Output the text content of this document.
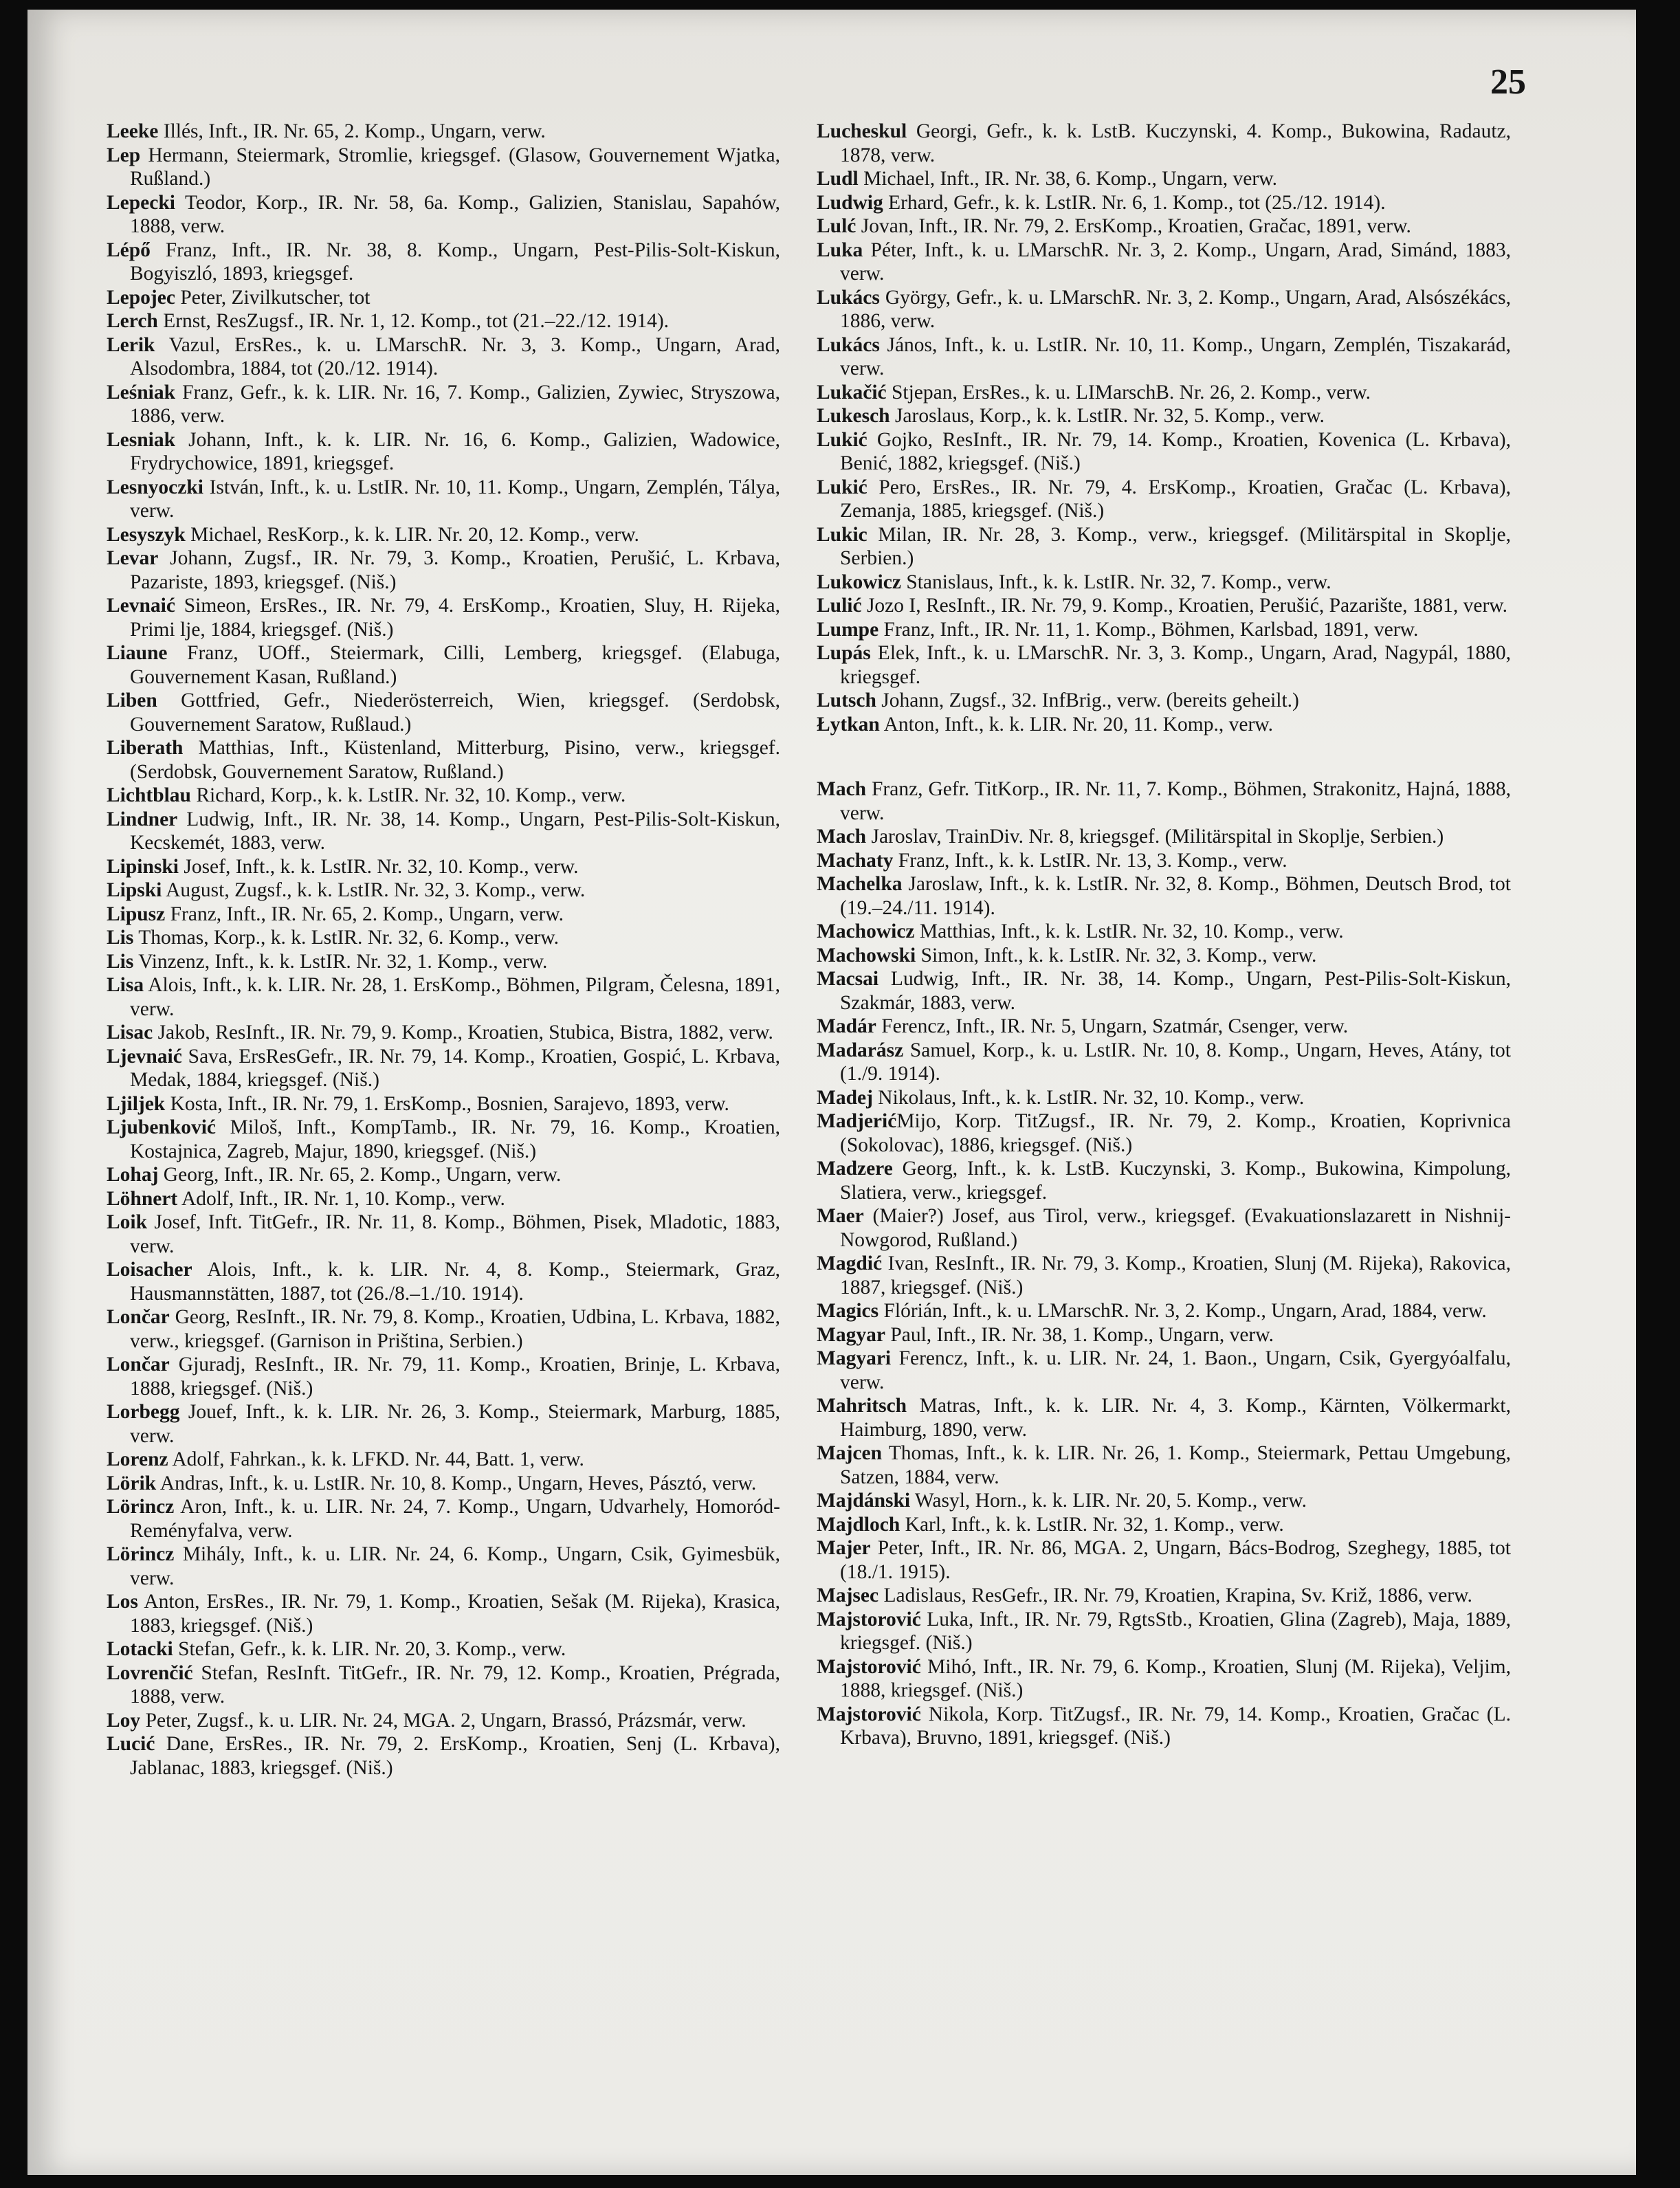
25

Leeke Illés, Inft., IR. Nr. 65, 2. Komp., Ungarn, verw.

Lep Hermann, Steiermark, Stromlie, kriegsgef. (Glasow, Gouvernement Wjatka, Rußland.)

Lepecki Teodor, Korp., IR. Nr. 58, 6a. Komp., Galizien, Stanislau, Sapahów, 1888, verw.

Lépő Franz, Inft., IR. Nr. 38, 8. Komp., Ungarn, Pest-Pilis-Solt-Kiskun, Bogyiszló, 1893, kriegsgef.

Lepojec Peter, Zivilkutscher, tot

Lerch Ernst, ResZugsf., IR. Nr. 1, 12. Komp., tot (21.–22./12. 1914).

Lerik Vazul, ErsRes., k. u. LMarschR. Nr. 3, 3. Komp., Ungarn, Arad, Alsodombra, 1884, tot (20./12. 1914).

Leśniak Franz, Gefr., k. k. LIR. Nr. 16, 7. Komp., Galizien, Zywiec, Stryszowa, 1886, verw.

Lesniak Johann, Inft., k. k. LIR. Nr. 16, 6. Komp., Galizien, Wadowice, Frydrychowice, 1891, kriegsgef.

Lesnyoczki István, Inft., k. u. LstIR. Nr. 10, 11. Komp., Ungarn, Zemplén, Tályа, verw.

Lesyszyk Michael, ResKorp., k. k. LIR. Nr. 20, 12. Komp., verw.

Levar Johann, Zugsf., IR. Nr. 79, 3. Komp., Kroatien, Perušić, L. Krbava, Pazariste, 1893, kriegsgef. (Niš.)

Levnaić Simeon, ErsRes., IR. Nr. 79, 4. ErsKomp., Kroatien, Sluy, H. Rijeka, Primi lje, 1884, kriegsgef. (Niš.)

Liaune Franz, UOff., Steiermark, Cilli, Lemberg, kriegsgef. (Elabuga, Gouvernement Kasan, Rußland.)

Liben Gottfried, Gefr., Niederösterreich, Wien, kriegsgef. (Serdobsk, Gouvernement Saratow, Rußlaud.)

Liberath Matthias, Inft., Küstenland, Mitterburg, Pisino, verw., kriegsgef. (Serdobsk, Gouvernement Saratow, Rußland.)

Lichtblau Richard, Korp., k. k. LstIR. Nr. 32, 10. Komp., verw.

Lindner Ludwig, Inft., IR. Nr. 38, 14. Komp., Ungarn, Pest-Pilis-Solt-Kiskun, Kecskemét, 1883, verw.

Lipinski Josef, Inft., k. k. LstIR. Nr. 32, 10. Komp., verw.

Lipski August, Zugsf., k. k. LstIR. Nr. 32, 3. Komp., verw.

Lipusz Franz, Inft., IR. Nr. 65, 2. Komp., Ungarn, verw.

Lis Thomas, Korp., k. k. LstIR. Nr. 32, 6. Komp., verw.

Lis Vinzenz, Inft., k. k. LstIR. Nr. 32, 1. Komp., verw.

Lisa Alois, Inft., k. k. LIR. Nr. 28, 1. ErsKomp., Böhmen, Pilgram, Čelesna, 1891, verw.

Lisac Jakob, ResInft., IR. Nr. 79, 9. Komp., Kroatien, Stubica, Bistra, 1882, verw.

Ljevnaić Sava, ErsResGefr., IR. Nr. 79, 14. Komp., Kroatien, Gospić, L. Krbava, Medak, 1884, kriegsgef. (Niš.)

Ljiljek Kosta, Inft., IR. Nr. 79, 1. ErsKomp., Bosnien, Sarajevo, 1893, verw.

Ljubenković Miloš, Inft., KompTamb., IR. Nr. 79, 16. Komp., Kroatien, Kostajnica, Zagreb, Majur, 1890, kriegsgef. (Niš.)

Lohaj Georg, Inft., IR. Nr. 65, 2. Komp., Ungarn, verw.

Löhnert Adolf, Inft., IR. Nr. 1, 10. Komp., verw.

Loik Josef, Inft. TitGefr., IR. Nr. 11, 8. Komp., Böhmen, Pisek, Mladotic, 1883, verw.

Loisacher Alois, Inft., k. k. LIR. Nr. 4, 8. Komp., Steiermark, Graz, Hausmannstätten, 1887, tot (26./8.–1./10. 1914).

Lončar Georg, ResInft., IR. Nr. 79, 8. Komp., Kroatien, Udbina, L. Krbava, 1882, verw., kriegsgef. (Garnison in Priština, Serbien.)

Lončar Gjuradj, ResInft., IR. Nr. 79, 11. Komp., Kroatien, Brinje, L. Krbava, 1888, kriegsgef. (Niš.)

Lorbegg Jouef, Inft., k. k. LIR. Nr. 26, 3. Komp., Steiermark, Marburg, 1885, verw.

Lorenz Adolf, Fahrkan., k. k. LFKD. Nr. 44, Batt. 1, verw.

Lörik Andras, Inft., k. u. LstIR. Nr. 10, 8. Komp., Ungarn, Heves, Pásztó, verw.

Lörincz Aron, Inft., k. u. LIR. Nr. 24, 7. Komp., Ungarn, Udvarhely, Homoród-Reményfalva, verw.

Lörincz Mihály, Inft., k. u. LIR. Nr. 24, 6. Komp., Ungarn, Csik, Gyimesbük, verw.

Los Anton, ErsRes., IR. Nr. 79, 1. Komp., Kroatien, Sešak (M. Rijeka), Krasica, 1883, kriegsgef. (Niš.)

Lotacki Stefan, Gefr., k. k. LIR. Nr. 20, 3. Komp., verw.

Lovrenčić Stefan, ResInft. TitGefr., IR. Nr. 79, 12. Komp., Kroatien, Prégrada, 1888, verw.

Loy Peter, Zugsf., k. u. LIR. Nr. 24, MGA. 2, Ungarn, Brassó, Prázsmár, verw.

Lucić Dane, ErsRes., IR. Nr. 79, 2. ErsKomp., Kroatien, Senj (L. Krbava), Jablanac, 1883, kriegsgef. (Niš.)

Lucheskul Georgi, Gefr., k. k. LstB. Kuczynski, 4. Komp., Bukowina, Radautz, 1878, verw.

Ludl Michael, Inft., IR. Nr. 38, 6. Komp., Ungarn, verw.

Ludwig Erhard, Gefr., k. k. LstIR. Nr. 6, 1. Komp., tot (25./12. 1914).

Lulć Jovan, Inft., IR. Nr. 79, 2. ErsKomp., Kroatien, Gračac, 1891, verw.

Luka Péter, Inft., k. u. LMarschR. Nr. 3, 2. Komp., Ungarn, Arad, Simánd, 1883, verw.

Lukács György, Gefr., k. u. LMarschR. Nr. 3, 2. Komp., Ungarn, Arad, Alsószékács, 1886, verw.

Lukács János, Inft., k. u. LstIR. Nr. 10, 11. Komp., Ungarn, Zemplén, Tiszakarád, verw.

Lukačić Stjepan, ErsRes., k. u. LIMarschB. Nr. 26, 2. Komp., verw.

Lukesch Jaroslaus, Korp., k. k. LstIR. Nr. 32, 5. Komp., verw.

Lukić Gojko, ResInft., IR. Nr. 79, 14. Komp., Kroatien, Kovenica (L. Krbava), Benić, 1882, kriegsgef. (Niš.)

Lukić Pero, ErsRes., IR. Nr. 79, 4. ErsKomp., Kroatien, Gračac (L. Krbava), Zemanja, 1885, kriegsgef. (Niš.)

Lukic Milan, IR. Nr. 28, 3. Komp., verw., kriegsgef. (Militärspital in Skoplje, Serbien.)

Lukowicz Stanislaus, Inft., k. k. LstIR. Nr. 32, 7. Komp., verw.

Lulić Jozo I, ResInft., IR. Nr. 79, 9. Komp., Kroatien, Perušić, Pazarište, 1881, verw.

Lumpe Franz, Inft., IR. Nr. 11, 1. Komp., Böhmen, Karlsbad, 1891, verw.

Lupás Elek, Inft., k. u. LMarschR. Nr. 3, 3. Komp., Ungarn, Arad, Nagypál, 1880, kriegsgef.

Lutsch Johann, Zugsf., 32. InfBrig., verw. (bereits geheilt.)

Łytkan Anton, Inft., k. k. LIR. Nr. 20, 11. Komp., verw.

Mach Franz, Gefr. TitKorp., IR. Nr. 11, 7. Komp., Böhmen, Strakonitz, Hajná, 1888, verw.

Mach Jaroslav, TrainDiv. Nr. 8, kriegsgef. (Militärspital in Skoplje, Serbien.)

Machaty Franz, Inft., k. k. LstIR. Nr. 13, 3. Komp., verw.

Machelka Jaroslaw, Inft., k. k. LstIR. Nr. 32, 8. Komp., Böhmen, Deutsch Brod, tot (19.–24./11. 1914).

Machowicz Matthias, Inft., k. k. LstIR. Nr. 32, 10. Komp., verw.

Machowski Simon, Inft., k. k. LstIR. Nr. 32, 3. Komp., verw.

Macsai Ludwig, Inft., IR. Nr. 38, 14. Komp., Ungarn, Pest-Pilis-Solt-Kiskun, Szakmár, 1883, verw.

Madár Ferencz, Inft., IR. Nr. 5, Ungarn, Szatmár, Csenger, verw.

Madarász Samuel, Korp., k. u. LstIR. Nr. 10, 8. Komp., Ungarn, Heves, Atány, tot (1./9. 1914).

Madej Nikolaus, Inft., k. k. LstIR. Nr. 32, 10. Komp., verw.

MadjerićMijo, Korp. TitZugsf., IR. Nr. 79, 2. Komp., Kroatien, Koprivnica (Sokolovac), 1886, kriegsgef. (Niš.)

Madzere Georg, Inft., k. k. LstB. Kuczynski, 3. Komp., Bukowina, Kimpolung, Slatiera, verw., kriegsgef.

Maer (Maier?) Josef, aus Tirol, verw., kriegsgef. (Evakuationslazarett in Nishnij-Nowgorod, Rußland.)

Magdić Ivan, ResInft., IR. Nr. 79, 3. Komp., Kroatien, Slunj (M. Rijeka), Rakovica, 1887, kriegsgef. (Niš.)

Magics Flórián, Inft., k. u. LMarschR. Nr. 3, 2. Komp., Ungarn, Arad, 1884, verw.

Magyar Paul, Inft., IR. Nr. 38, 1. Komp., Ungarn, verw.

Magyari Ferencz, Inft., k. u. LIR. Nr. 24, 1. Baon., Ungarn, Csik, Gyergyóalfalu, verw.

Mahritsch Matras, Inft., k. k. LIR. Nr. 4, 3. Komp., Kärnten, Völkermarkt, Haimburg, 1890, verw.

Majcen Thomas, Inft., k. k. LIR. Nr. 26, 1. Komp., Steiermark, Pettau Umgebung, Satzen, 1884, verw.

Majdánski Wasyl, Horn., k. k. LIR. Nr. 20, 5. Komp., verw.

Majdloch Karl, Inft., k. k. LstIR. Nr. 32, 1. Komp., verw.

Majer Peter, Inft., IR. Nr. 86, MGA. 2, Ungarn, Bács-Bodrog, Szeghegy, 1885, tot (18./1. 1915).

Majsec Ladislaus, ResGefr., IR. Nr. 79, Kroatien, Krapina, Sv. Križ, 1886, verw.

Majstorović Luka, Inft., IR. Nr. 79, RgtsStb., Kroatien, Glina (Zagreb), Maja, 1889, kriegsgef. (Niš.)

Majstorović Mihó, Inft., IR. Nr. 79, 6. Komp., Kroatien, Slunj (M. Rijeka), Veljim, 1888, kriegsgef. (Niš.)

Majstorović Nikola, Korp. TitZugsf., IR. Nr. 79, 14. Komp., Kroatien, Gračac (L. Krbava), Bruvno, 1891, kriegsgef. (Niš.)
